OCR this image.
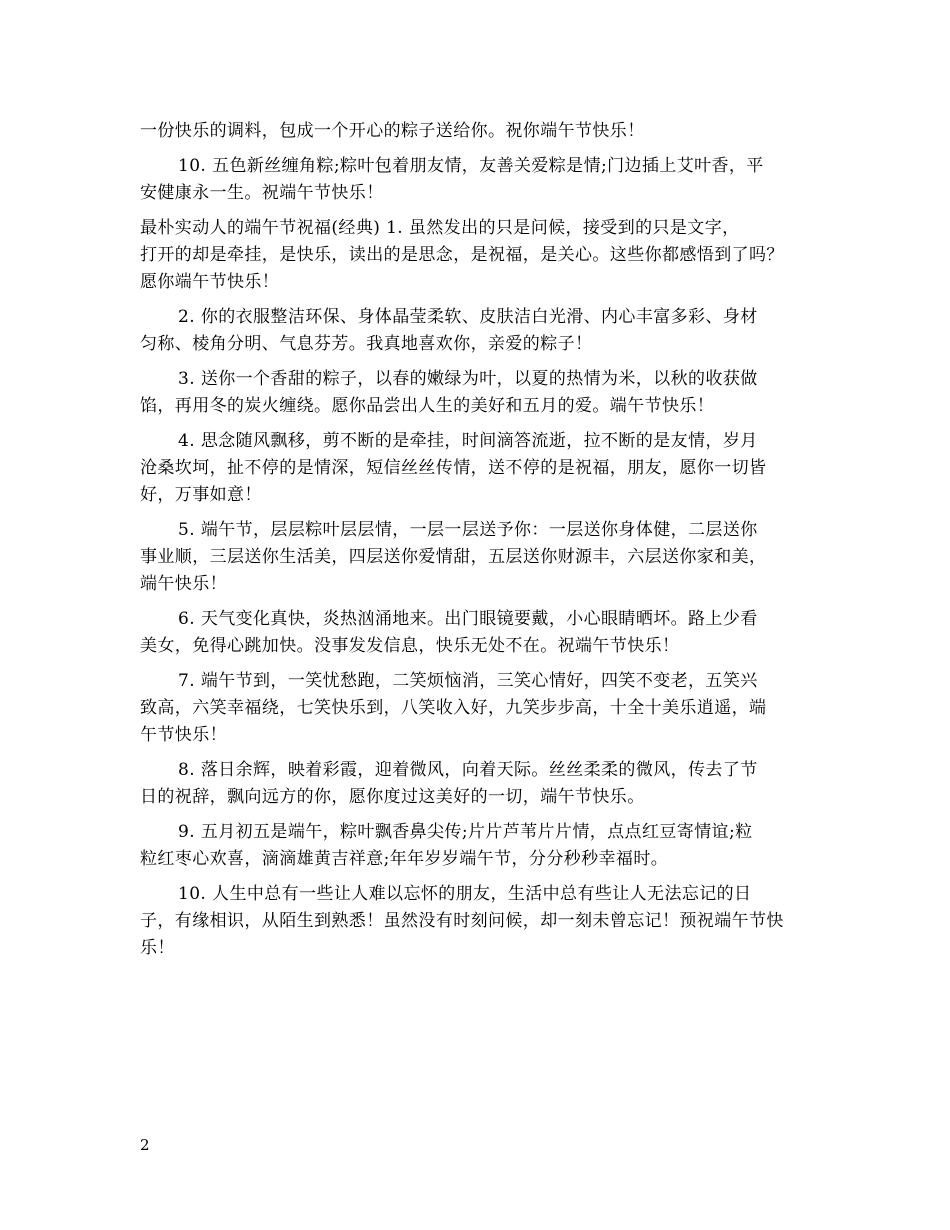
一份快乐的调料，包成一个开心的粽子送给你。祝你端午节快乐！
10. 五色新丝缠角粽;粽叶包着朋友情，友善关爱粽是情;门边插上艾叶香，平
安健康永一生。祝端午节快乐！
最朴实动人的端午节祝福(经典) 1. 虽然发出的只是问候，接受到的只是文字，
打开的却是牵挂，是快乐，读出的是思念，是祝福，是关心。这些你都感悟到了吗？
愿你端午节快乐！
2. 你的衣服整洁环保、身体晶莹柔软、皮肤洁白光滑、内心丰富多彩、身材
匀称、棱角分明、气息芬芳。我真地喜欢你，亲爱的粽子！
3. 送你一个香甜的粽子，以春的嫩绿为叶，以夏的热情为米，以秋的收获做
馅，再用冬的炭火缠绕。愿你品尝出人生的美好和五月的爱。端午节快乐！
4. 思念随风飘移，剪不断的是牵挂，时间滴答流逝，拉不断的是友情，岁月
沧桑坎坷，扯不停的是情深，短信丝丝传情，送不停的是祝福，朋友，愿你一切皆
好，万事如意！
5. 端午节，层层粽叶层层情，一层一层送予你：一层送你身体健，二层送你
事业顺，三层送你生活美，四层送你爱情甜，五层送你财源丰，六层送你家和美，
端午快乐！
6. 天气变化真快，炎热汹涌地来。出门眼镜要戴，小心眼睛晒坏。路上少看
美女，免得心跳加快。没事发发信息，快乐无处不在。祝端午节快乐！
7. 端午节到，一笑忧愁跑，二笑烦恼消，三笑心情好，四笑不变老，五笑兴
致高，六笑幸福绕，七笑快乐到，八笑收入好，九笑步步高，十全十美乐逍遥，端
午节快乐！
8. 落日余辉，映着彩霞，迎着微风，向着天际。丝丝柔柔的微风，传去了节
日的祝辞，飘向远方的你，愿你度过这美好的一切，端午节快乐。
9. 五月初五是端午，粽叶飘香鼻尖传;片片芦苇片片情，点点红豆寄情谊;粒
粒红枣心欢喜，滴滴雄黄吉祥意;年年岁岁端午节，分分秒秒幸福时。
10. 人生中总有一些让人难以忘怀的朋友，生活中总有些让人无法忘记的日
子，有缘相识，从陌生到熟悉！虽然没有时刻问候，却一刻未曾忘记！预祝端午节快
乐！
2
